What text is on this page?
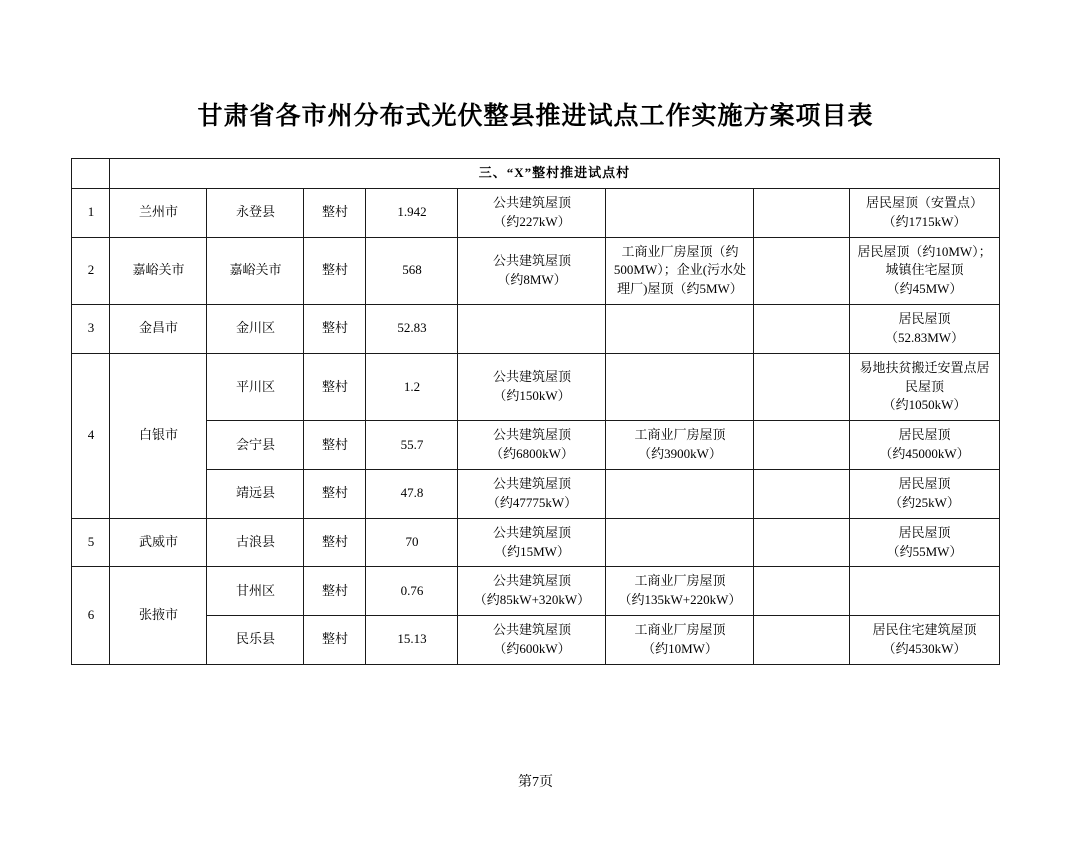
甘肃省各市州分布式光伏整县推进试点工作实施方案项目表
	三、“X”整村推进试点村							
1	兰州市	永登县	整村	1.942	公共建筑屋顶
（约227kW）			居民屋顶（安置点）
（约1715kW）

2	嘉峪关市	嘉峪关市	整村	568	公共建筑屋顶
（约8MW）	工商业厂房屋顶（约
500MW）；企业(污水处
理厂)屋顶（约5MW）		居民屋顶（约10MW）；
城镇住宅屋顶
（约45MW）

3	金昌市	金川区	整村	52.83				居民屋顶
（52.83MW）

4	白银市	平川区	整村	1.2	公共建筑屋顶
（约150kW）			易地扶贫搬迁安置点居
民屋顶
（约1050kW）

		会宁县	整村	55.7	公共建筑屋顶
（约6800kW）	工商业厂房屋顶
（约3900kW）		居民屋顶
（约45000kW）

		靖远县	整村	47.8	公共建筑屋顶
（约47775kW）			居民屋顶
（约25kW）

5	武威市	古浪县	整村	70	公共建筑屋顶
（约15MW）			居民屋顶
（约55MW）

6	张掖市	甘州区	整村	0.76	公共建筑屋顶
（约85kW+320kW）	工商业厂房屋顶
（约135kW+220kW）		

		民乐县	整村	15.13	公共建筑屋顶
（约600kW）	工商业厂房屋顶
（约10MW）		居民住宅建筑屋顶
（约4530kW）
第7页
